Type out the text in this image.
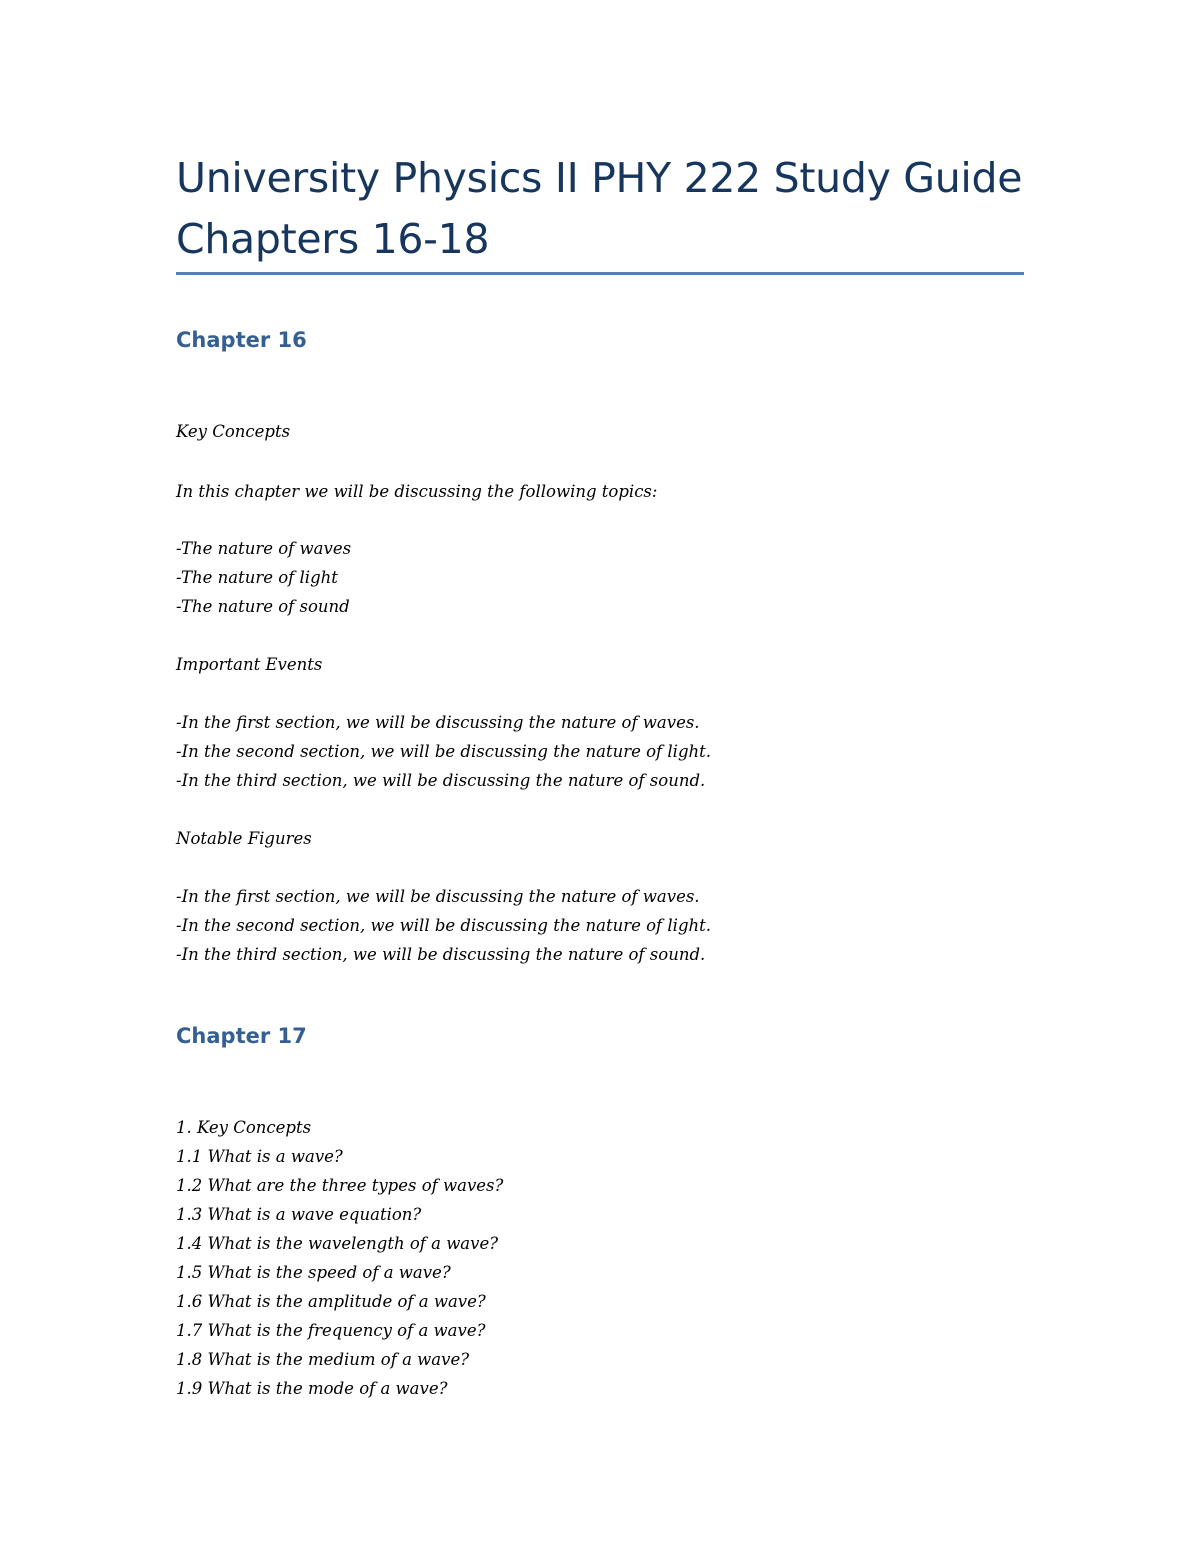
University Physics II PHY 222 Study Guide Chapters 16-18
Chapter 16

Key Concepts

In this chapter we will be discussing the following topics:

-The nature of waves

-The nature of light

-The nature of sound

Important Events

-In the first section, we will be discussing the nature of waves.

-In the second section, we will be discussing the nature of light.

-In the third section, we will be discussing the nature of sound.

Notable Figures

-In the first section, we will be discussing the nature of waves.

-In the second section, we will be discussing the nature of light.

-In the third section, we will be discussing the nature of sound.

Chapter 17

1. Key Concepts

1.1 What is a wave?

1.2 What are the three types of waves?

1.3 What is a wave equation?

1.4 What is the wavelength of a wave?

1.5 What is the speed of a wave?

1.6 What is the amplitude of a wave?

1.7 What is the frequency of a wave?

1.8 What is the medium of a wave?

1.9 What is the mode of a wave?
